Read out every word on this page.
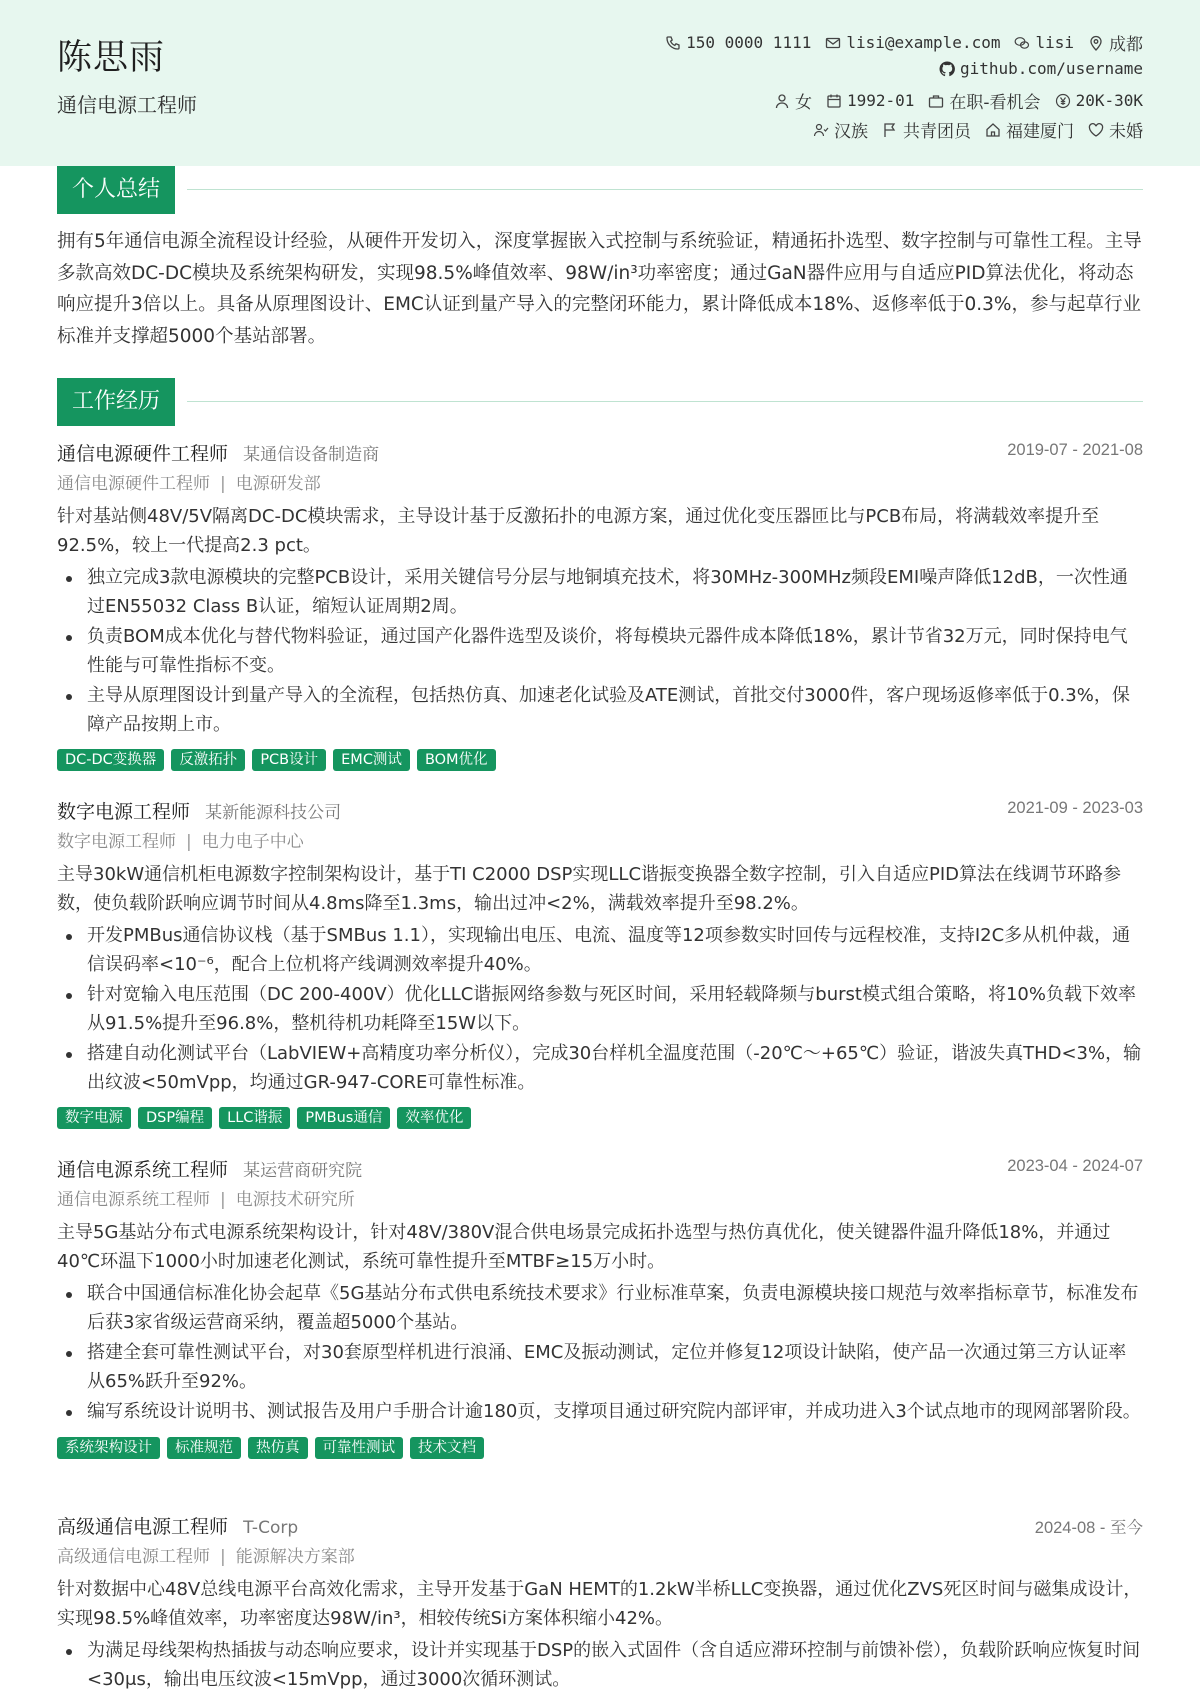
陈思雨
通信电源工程师
150 0000 1111 lisi@example.com lisi 成都
github.com/username
女 1992-01 在职-看机会 20K-30K
汉族 共青团员 福建厦门 未婚
个人总结
拥有5年通信电源全流程设计经验，从硬件开发切入，深度掌握嵌入式控制与系统验证，精通拓扑选型、数字控制与可靠性工程。主导多款高效DC-DC模块及系统架构研发，实现98.5%峰值效率、98W/in³功率密度；通过GaN器件应用与自适应PID算法优化，将动态响应提升3倍以上。具备从原理图设计、EMC认证到量产导入的完整闭环能力，累计降低成本18%、返修率低于0.3%，参与起草行业标准并支撑超5000个基站部署。
工作经历
通信电源硬件工程师 某通信设备制造商	2019-07 - 2021-08
通信电源硬件工程师 | 电源研发部
针对基站侧48V/5V隔离DC-DC模块需求，主导设计基于反激拓扑的电源方案，通过优化变压器匝比与PCB布局，将满载效率提升至92.5%，较上一代提高2.3 pct。
独立完成3款电源模块的完整PCB设计，采用关键信号分层与地铜填充技术，将30MHz-300MHz频段EMI噪声降低12dB，一次性通过EN55032 Class B认证，缩短认证周期2周。
负责BOM成本优化与替代物料验证，通过国产化器件选型及谈价，将每模块元器件成本降低18%，累计节省32万元，同时保持电气性能与可靠性指标不变。
主导从原理图设计到量产导入的全流程，包括热仿真、加速老化试验及ATE测试，首批交付3000件，客户现场返修率低于0.3%，保障产品按期上市。
DC-DC变换器	反激拓扑	PCB设计	EMC测试	BOM优化
数字电源工程师 某新能源科技公司	2021-09 - 2023-03
数字电源工程师 | 电力电子中心
主导30kW通信机柜电源数字控制架构设计，基于TI C2000 DSP实现LLC谐振变换器全数字控制，引入自适应PID算法在线调节环路参数，使负载阶跃响应调节时间从4.8ms降至1.3ms，输出过冲<2%，满载效率提升至98.2%。
开发PMBus通信协议栈（基于SMBus 1.1），实现输出电压、电流、温度等12项参数实时回传与远程校准，支持I2C多从机仲裁，通信误码率<10⁻⁶，配合上位机将产线调测效率提升40%。
针对宽输入电压范围（DC 200-400V）优化LLC谐振网络参数与死区时间，采用轻载降频与burst模式组合策略，将10%负载下效率从91.5%提升至96.8%，整机待机功耗降至15W以下。
搭建自动化测试平台（LabVIEW+高精度功率分析仪），完成30台样机全温度范围（-20℃～+65℃）验证，谐波失真THD<3%，输出纹波<50mVpp，均通过GR-947-CORE可靠性标准。
数字电源	DSP编程	LLC谐振	PMBus通信	效率优化
通信电源系统工程师 某运营商研究院	2023-04 - 2024-07
通信电源系统工程师 | 电源技术研究所
主导5G基站分布式电源系统架构设计，针对48V/380V混合供电场景完成拓扑选型与热仿真优化，使关键器件温升降低18%，并通过40℃环温下1000小时加速老化测试，系统可靠性提升至MTBF≥15万小时。
联合中国通信标准化协会起草《5G基站分布式供电系统技术要求》行业标准草案，负责电源模块接口规范与效率指标章节，标准发布后获3家省级运营商采纳，覆盖超5000个基站。
搭建全套可靠性测试平台，对30套原型样机进行浪涌、EMC及振动测试，定位并修复12项设计缺陷，使产品一次通过第三方认证率从65%跃升至92%。
编写系统设计说明书、测试报告及用户手册合计逾180页，支撑项目通过研究院内部评审，并成功进入3个试点地市的现网部署阶段。
系统架构设计	标准规范	热仿真	可靠性测试	技术文档
高级通信电源工程师 T-Corp	2024-08 - 至今
高级通信电源工程师 | 能源解决方案部
针对数据中心48V总线电源平台高效化需求，主导开发基于GaN HEMT的1.2kW半桥LLC变换器，通过优化ZVS死区时间与磁集成设计，实现98.5%峰值效率，功率密度达98W/in³，相较传统Si方案体积缩小42%。
为满足母线架构热插拔与动态响应要求，设计并实现基于DSP的嵌入式固件（含自适应滞环控制与前馈补偿），负载阶跃响应恢复时间<30μs，输出电压纹波<15mVpp，通过3000次循环测试。
